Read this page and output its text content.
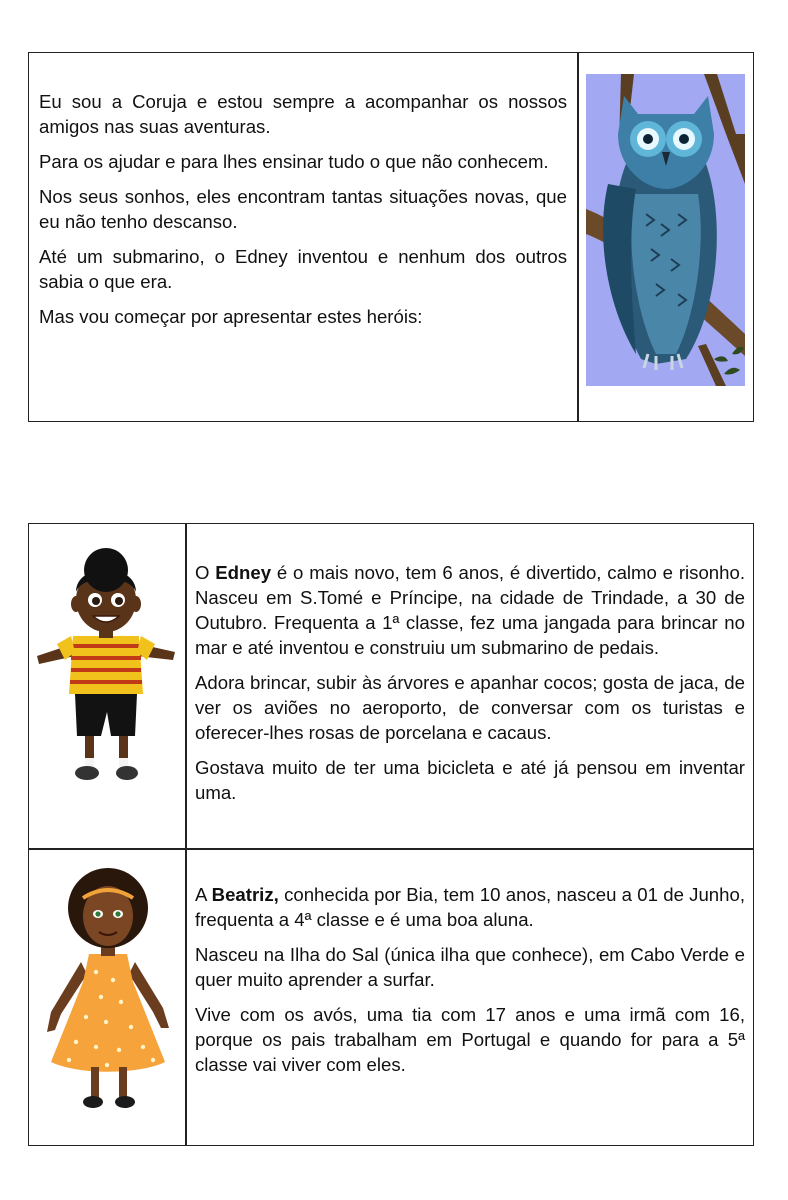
Eu sou a Coruja e estou sempre a acompanhar os nossos amigos nas suas aventuras.

Para os ajudar e para lhes ensinar tudo o que não conhecem.

Nos seus sonhos, eles encontram tantas situações novas, que eu não tenho descanso.

Até um submarino, o Edney inventou e nenhum dos outros sabia o que era.

Mas vou começar por apresentar estes heróis:

O Edney é o mais novo, tem 6 anos, é divertido, calmo e risonho. Nasceu em S.Tomé e Príncipe, na cidade de Trindade, a 30 de Outubro. Frequenta a 1ª classe, fez uma jangada para brincar no mar e até inventou e construiu um submarino de pedais.

Adora brincar, subir às árvores e apanhar cocos; gosta de jaca, de ver os aviões no aeroporto, de conversar com os turistas e oferecer-lhes rosas de porcelana e cacaus.

Gostava muito de ter uma bicicleta e até já pensou em inventar uma.

A Beatriz, conhecida por Bia, tem 10 anos, nasceu a 01 de Junho, frequenta a 4ª classe e é uma boa aluna.

Nasceu na Ilha do Sal (única ilha que conhece), em Cabo Verde e quer muito aprender a surfar.

Vive com os avós, uma tia com 17 anos e uma irmã com 16, porque os pais trabalham em Portugal e quando for para a 5ª classe vai viver com eles.
